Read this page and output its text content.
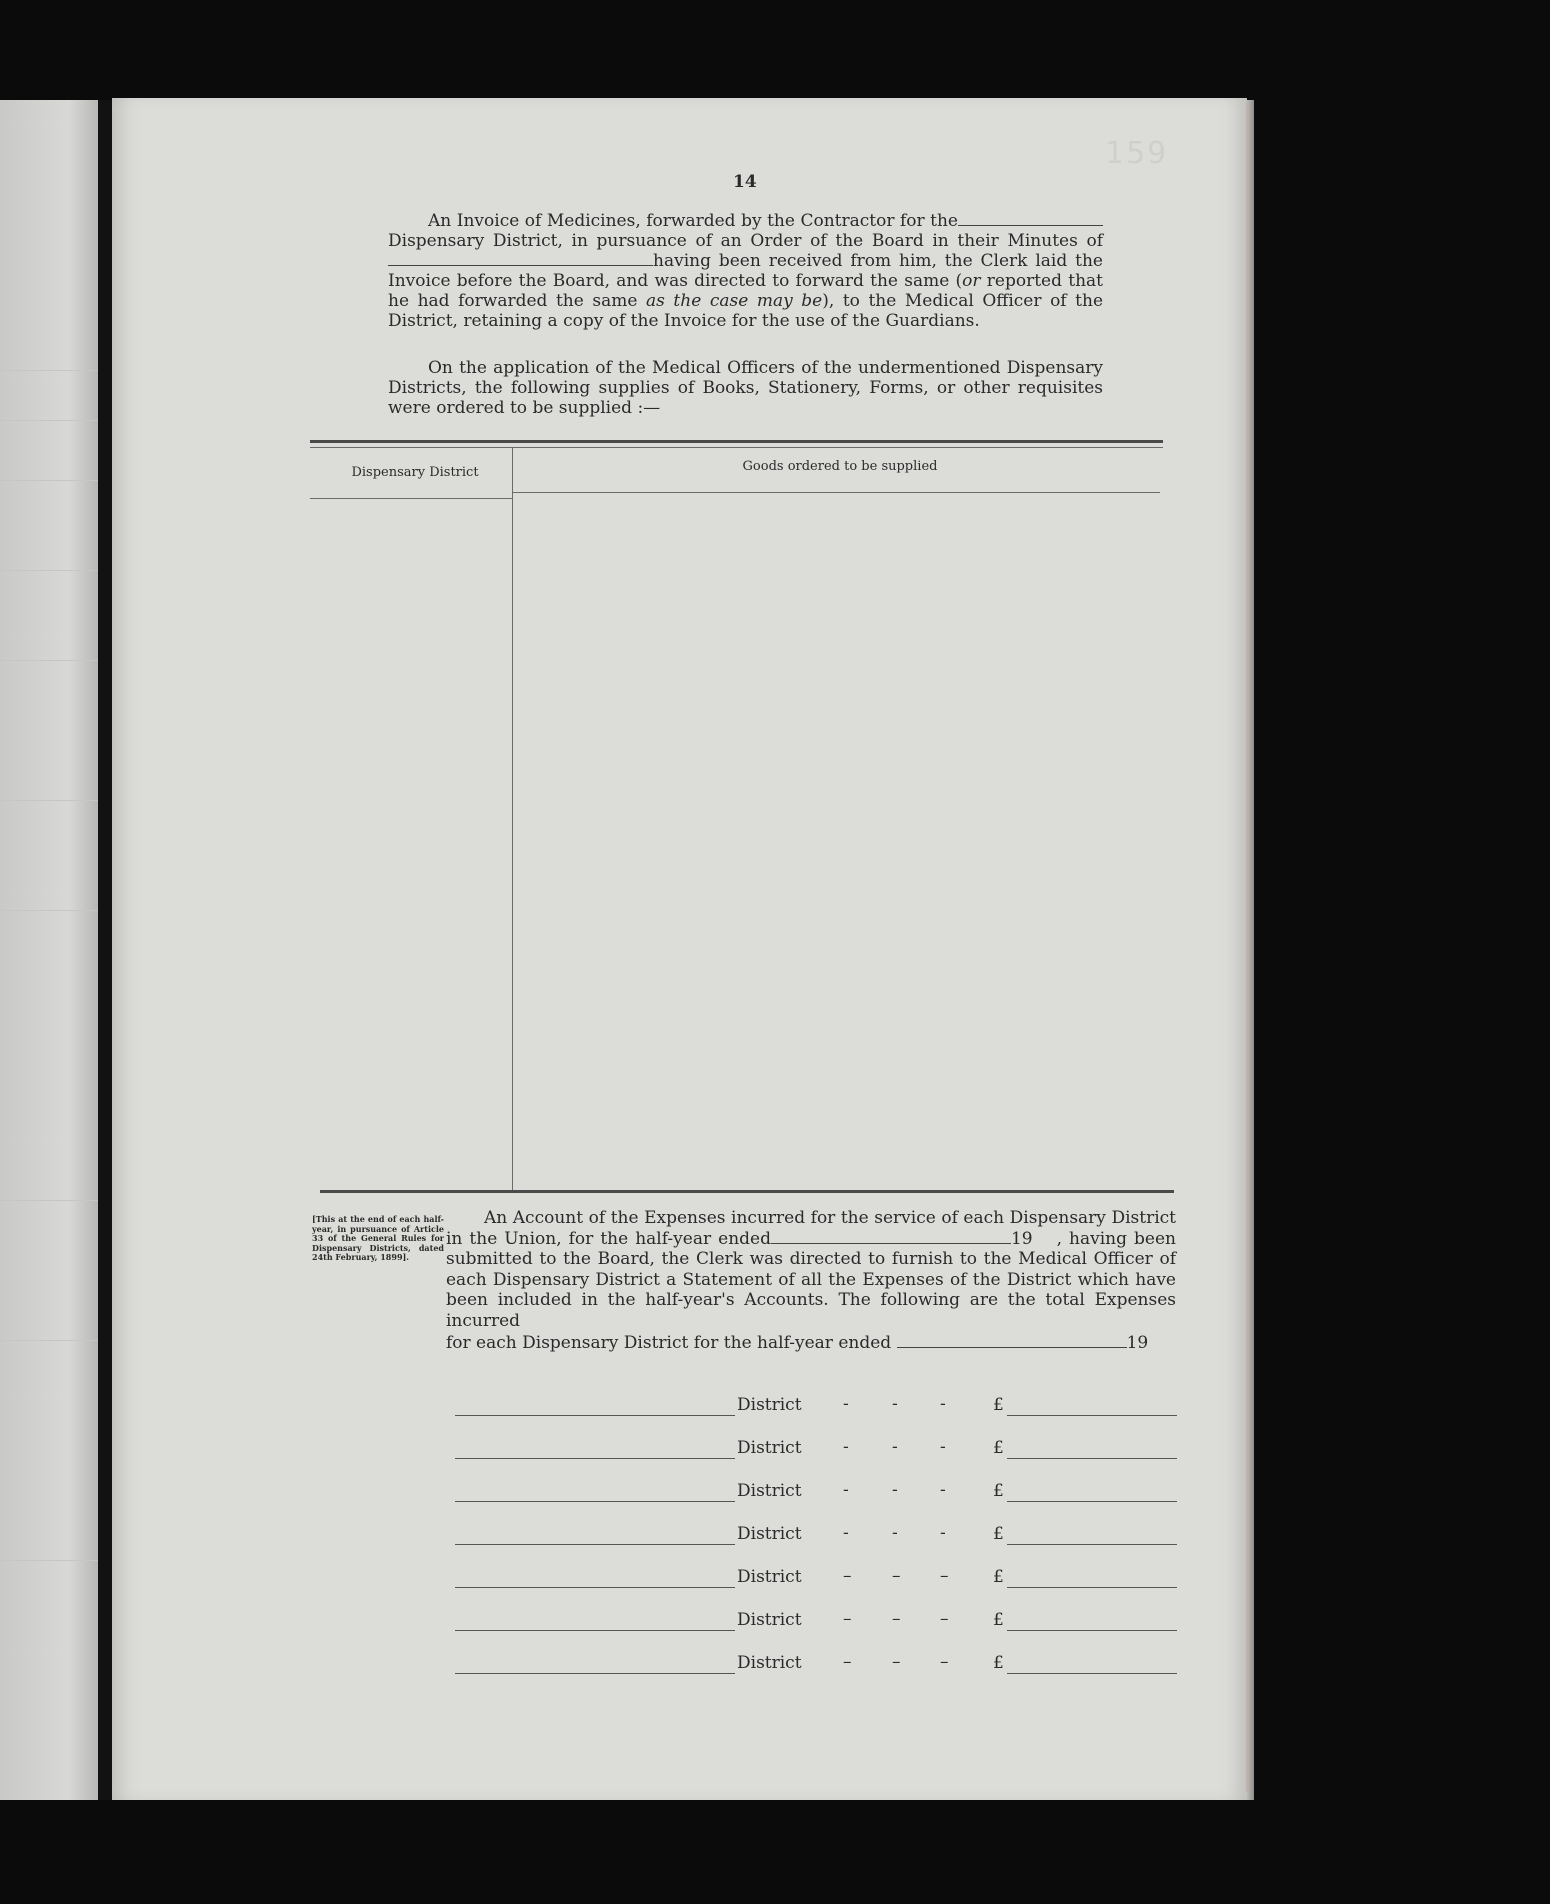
159
14

An Invoice of Medicines, forwarded by the Contractor for the Dispensary District, in pursuance of an Order of the Board in their Minutes of having been received from him, the Clerk laid the Invoice before the Board, and was directed to forward the same (or reported that he had forwarded the same as the case may be), to the Medical Officer of the District, retaining a copy of the Invoice for the use of the Guardians.

On the application of the Medical Officers of the undermentioned Dispensary Districts, the following supplies of Books, Stationery, Forms, or other requisites were ordered to be supplied :—

Dispensary District	Goods ordered to be supplied
[This at the end of each half-year, in pursuance of Article 33 of the General Rules for Dispensary Districts, dated 24th February, 1899].

An Account of the Expenses incurred for the service of each Dispensary District in the Union, for the half-year ended	19 , having been submitted to the Board, the Clerk was directed to furnish to the Medical Officer of each Dispensary District a Statement of all the Expenses of the District which have been included in the half-year's Accounts. The following are the total Expenses incurred

for each Dispensary District for the half-year ended	19
District -	- -	£
District -	- -	£
District -	- -	£
District -	- -	£
District – – –	£
District – – –	£
District – – –	£
